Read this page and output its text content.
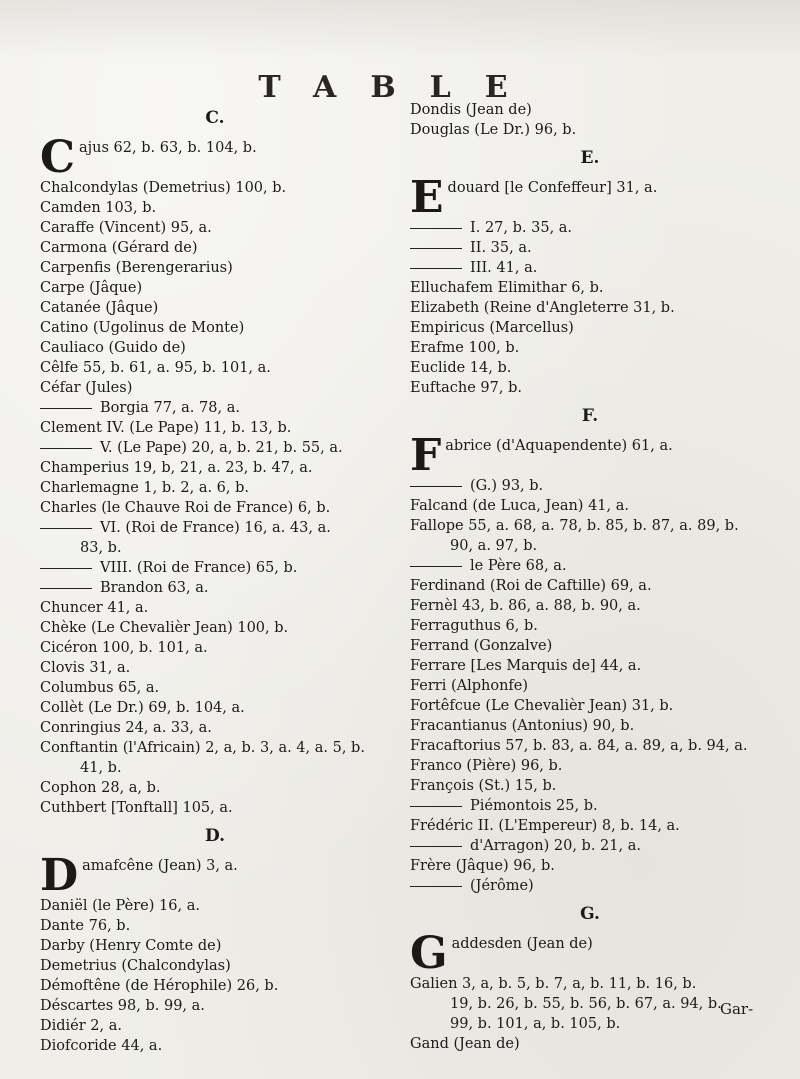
TABLE
C.
Cajus 62, b. 63, b. 104, b.
Chalcondylas (Demetrius) 100, b.
Camden 103, b.
Caraffe (Vincent) 95, a.
Carmona (Gérard de)
Carpenfis (Berengerarius)
Carpe (Jâque)
Catanée (Jâque)
Catino (Ugolinus de Monte)
Cauliaco (Guido de)
Cêlfe 55, b. 61, a. 95, b. 101, a.
Céfar (Jules)
Borgia 77, a. 78, a.
Clement IV. (Le Pape) 11, b. 13, b.
V. (Le Pape) 20, a, b. 21, b. 55, a.
Champerius 19, b, 21, a. 23, b. 47, a.
Charlemagne 1, b. 2, a. 6, b.
Charles (le Chauve Roi de France) 6, b.
VI. (Roi de France) 16, a. 43, a.
83, b.
VIII. (Roi de France) 65, b.
Brandon 63, a.
Chuncer 41, a.
Chèke (Le Chevalièr Jean) 100, b.
Cicéron 100, b. 101, a.
Clovis 31, a.
Columbus 65, a.
Collèt (Le Dr.) 69, b. 104, a.
Conringius 24, a. 33, a.
Conftantin (l'Africain) 2, a, b. 3, a. 4, a. 5, b.
41, b.
Cophon 28, a, b.
Cuthbert [Tonftall] 105, a.
D.
Damafcêne (Jean) 3, a.
Daniël (le Père) 16, a.
Dante 76, b.
Darby (Henry Comte de)
Demetrius (Chalcondylas)
Démoftêne (de Hérophile) 26, b.
Déscartes 98, b. 99, a.
Didiér 2, a.
Diofcoride 44, a.
Dondis (Jean de)
Douglas (Le Dr.) 96, b.
E.
Edouard [le Confeffeur] 31, a.
I. 27, b. 35, a.
II. 35, a.
III. 41, a.
Elluchafem Elimithar 6, b.
Elizabeth (Reine d'Angleterre 31, b.
Empiricus (Marcellus)
Erafme 100, b.
Euclide 14, b.
Euftache 97, b.
F.
Fabrice (d'Aquapendente) 61, a.
(G.) 93, b.
Falcand (de Luca, Jean) 41, a.
Fallope 55, a. 68, a. 78, b. 85, b. 87, a. 89, b.
90, a. 97, b.
le Père 68, a.
Ferdinand (Roi de Caftille) 69, a.
Fernèl 43, b. 86, a. 88, b. 90, a.
Ferraguthus 6, b.
Ferrand (Gonzalve)
Ferrare [Les Marquis de] 44, a.
Ferri (Alphonfe)
Fortêfcue (Le Chevalièr Jean) 31, b.
Fracantianus (Antonius) 90, b.
Fracaftorius 57, b. 83, a. 84, a. 89, a, b. 94, a.
Franco (Pière) 96, b.
François (St.) 15, b.
Piémontois 25, b.
Frédéric II. (L'Empereur) 8, b. 14, a.
d'Arragon) 20, b. 21, a.
Frère (Jâque) 96, b.
(Jérôme)
G.
Gaddesden (Jean de)
Galien 3, a, b. 5, b. 7, a, b. 11, b. 16, b.
19, b. 26, b. 55, b. 56, b. 67, a. 94, b.
99, b. 101, a, b. 105, b.
Gand (Jean de)
Gar-
